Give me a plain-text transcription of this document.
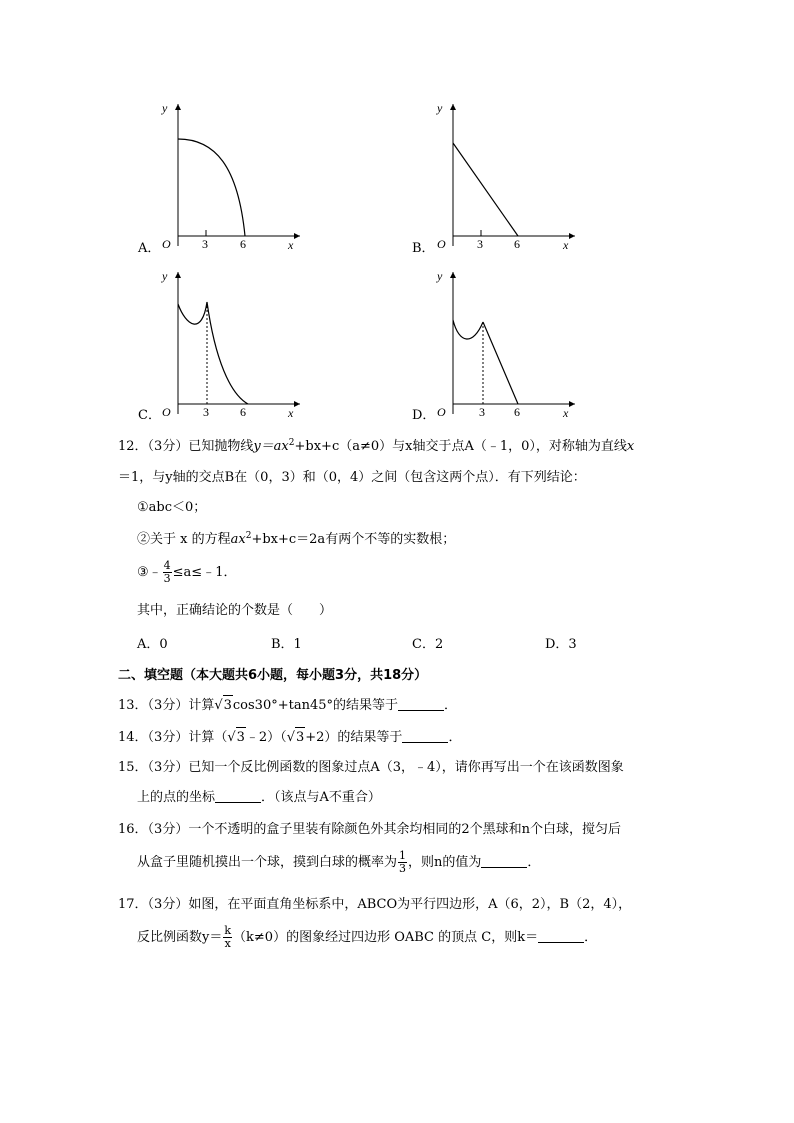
y
x
O	3	6
A．
y
x
O	3	6
B．
y
x
O	3	6
C．
y
x
O	3 6
D．
12．（3分）已知抛物线$y=ax^2+bx+c(a\ne 0)$与x轴交于点A（﹣1，0），对称轴为直线x
＝1，与y轴的交点B在（0，3）和（0，4）之间（包含这两个点）．有下列结论：
①abc＜0；
②关于 x 的方程$ax^2+bx+c=2a$有两个不等的实数根；
③﹣ $\frac{4}{3}$ ≤a≤﹣1．
其中，正确结论的个数是（　　）
A．0	B．1	C．2	D．3
二、填空题（本大题共6小题，每小题3分，共18分）
13．（3分）计算√3cos30°+tan45°的结果等于	．
14．（3分）计算（√3﹣2）（√3+2）的结果等于	．
15．（3分）已知一个反比例函数的图象过点A（3，﹣4），请你再写出一个在该函数图象
上的点的坐标	．（该点与A不重合）
16．（3分）一个不透明的盒子里装有除颜色外其余均相同的2个黑球和n个白球，搅匀后
从盒子里随机摸出一个球，摸到白球的概率为 $\frac{1}{3}$ ，则n的值为	．
17．（3分）如图，在平面直角坐标系中，ABCO为平行四边形，A（6，2），B（2，4），
反比例函数$y= \frac{k}{x} (k\ne 0)$的图象经过四边形 OABC 的顶点 C，则k＝	．
